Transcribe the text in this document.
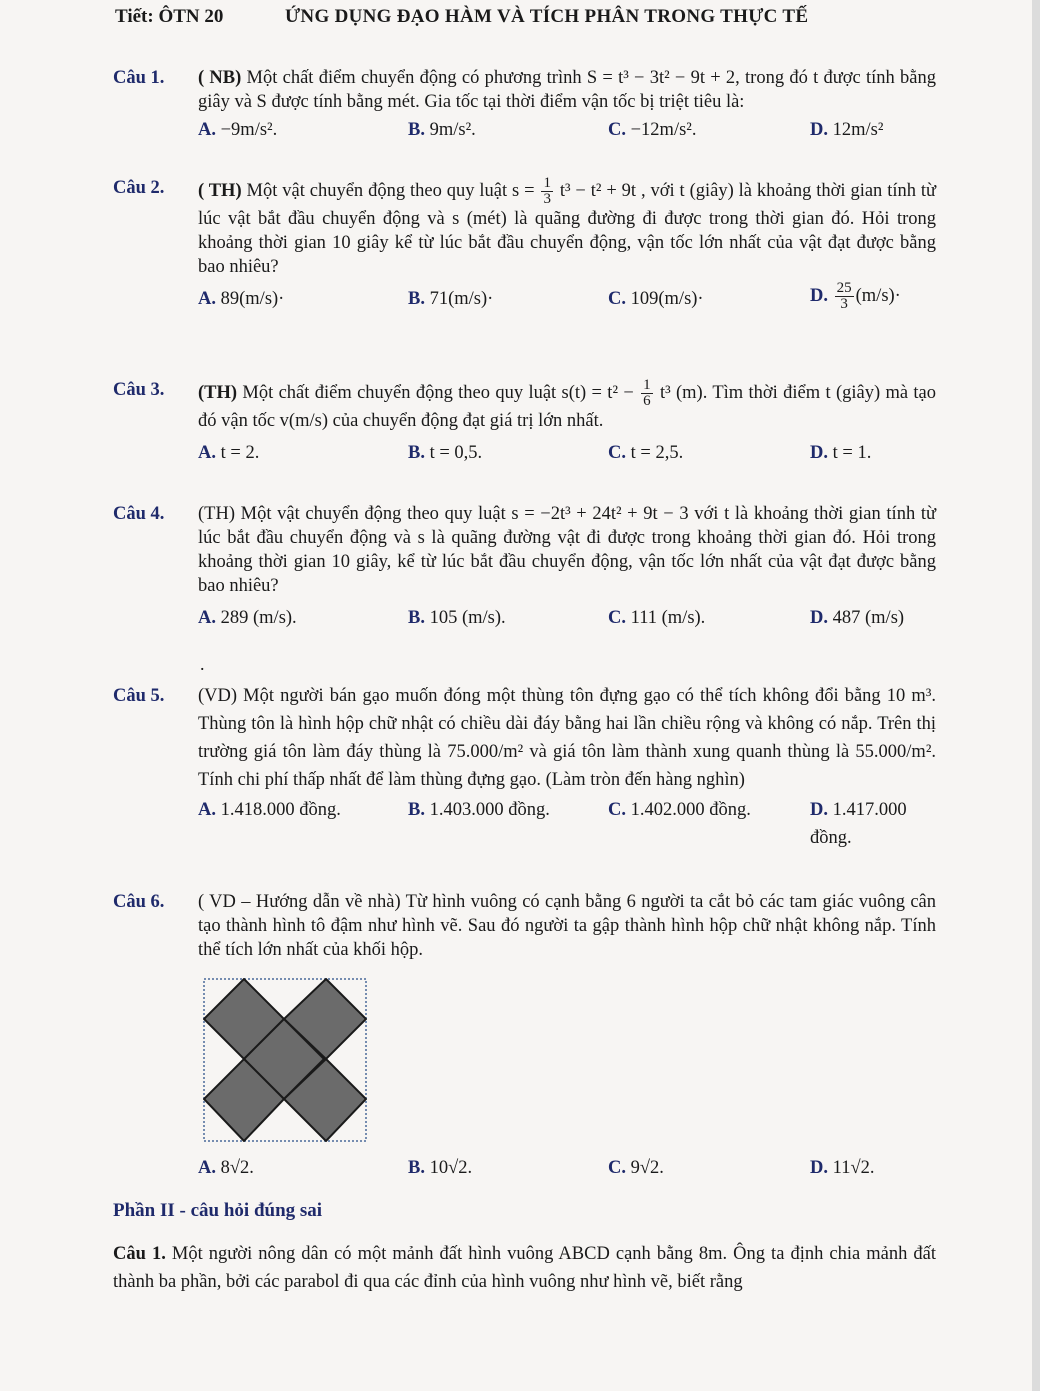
Tiết: ÔTN 20	ỨNG DỤNG ĐẠO HÀM VÀ TÍCH PHÂN TRONG THỰC TẾ
Câu 1. ( NB) Một chất điểm chuyển động có phương trình S = t³ − 3t² − 9t + 2, trong đó t được tính bằng giây và S được tính bằng mét. Gia tốc tại thời điểm vận tốc bị triệt tiêu là:
A. −9m/s².	B. 9m/s².	C. −12m/s².	D. 12m/s²
Câu 2. ( TH) Một vật chuyển động theo quy luật $s = \frac{1}{3} t^3 - t^2 + 9t$ , với t (giây) là khoảng thời gian tính từ lúc vật bắt đầu chuyển động và s (mét) là quãng đường đi được trong thời gian đó. Hỏi trong khoảng thời gian 10 giây kể từ lúc bắt đầu chuyển động, vận tốc lớn nhất của vật đạt được bằng bao nhiêu?
A. 89(m/s)·	B. 71(m/s)·	C. 109(m/s)·	D. $\frac{25}{3} (m/s)\cdot$
Câu 3. (TH) Một chất điểm chuyển động theo quy luật $s(t) = t^2 - \frac{1}{6} t^3$ (m). Tìm thời điểm t (giây) mà tạo đó vận tốc v(m/s) của chuyển động đạt giá trị lớn nhất.
A. t = 2.	B. t = 0,5.	C. t = 2,5.	D. t = 1.
Câu 4. (TH) Một vật chuyển động theo quy luật s = −2t³ + 24t² + 9t − 3 với t là khoảng thời gian tính từ lúc bắt đầu chuyển động và s là quãng đường vật đi được trong khoảng thời gian đó. Hỏi trong khoảng thời gian 10 giây, kể từ lúc bắt đầu chuyển động, vận tốc lớn nhất của vật đạt được bằng bao nhiêu?
A. 289 (m/s).	B. 105 (m/s).	C. 111 (m/s).	D. 487 (m/s)
.
Câu 5. (VD) Một người bán gạo muốn đóng một thùng tôn đựng gạo có thể tích không đổi bằng 10 m³. Thùng tôn là hình hộp chữ nhật có chiều dài đáy bằng hai lần chiều rộng và không có nắp. Trên thị trường giá tôn làm đáy thùng là 75.000/m² và giá tôn làm thành xung quanh thùng là 55.000/m². Tính chi phí thấp nhất để làm thùng đựng gạo. (Làm tròn đến hàng nghìn)
A. 1.418.000 đồng.	B. 1.403.000 đồng.	C. 1.402.000 đồng.	D. 1.417.000 đồng.
Câu 6. ( VD – Hướng dẫn về nhà) Từ hình vuông có cạnh bằng 6 người ta cắt bỏ các tam giác vuông cân tạo thành hình tô đậm như hình vẽ. Sau đó người ta gập thành hình hộp chữ nhật không nắp. Tính thể tích lớn nhất của khối hộp.
A. 8√2.	B. 10√2.	C. 9√2.	D. 11√2.
Phần II - câu hỏi đúng sai
Câu 1. Một người nông dân có một mảnh đất hình vuông ABCD cạnh bằng 8m. Ông ta định chia mảnh đất thành ba phần, bởi các parabol đi qua các đỉnh của hình vuông như hình vẽ, biết rằng
